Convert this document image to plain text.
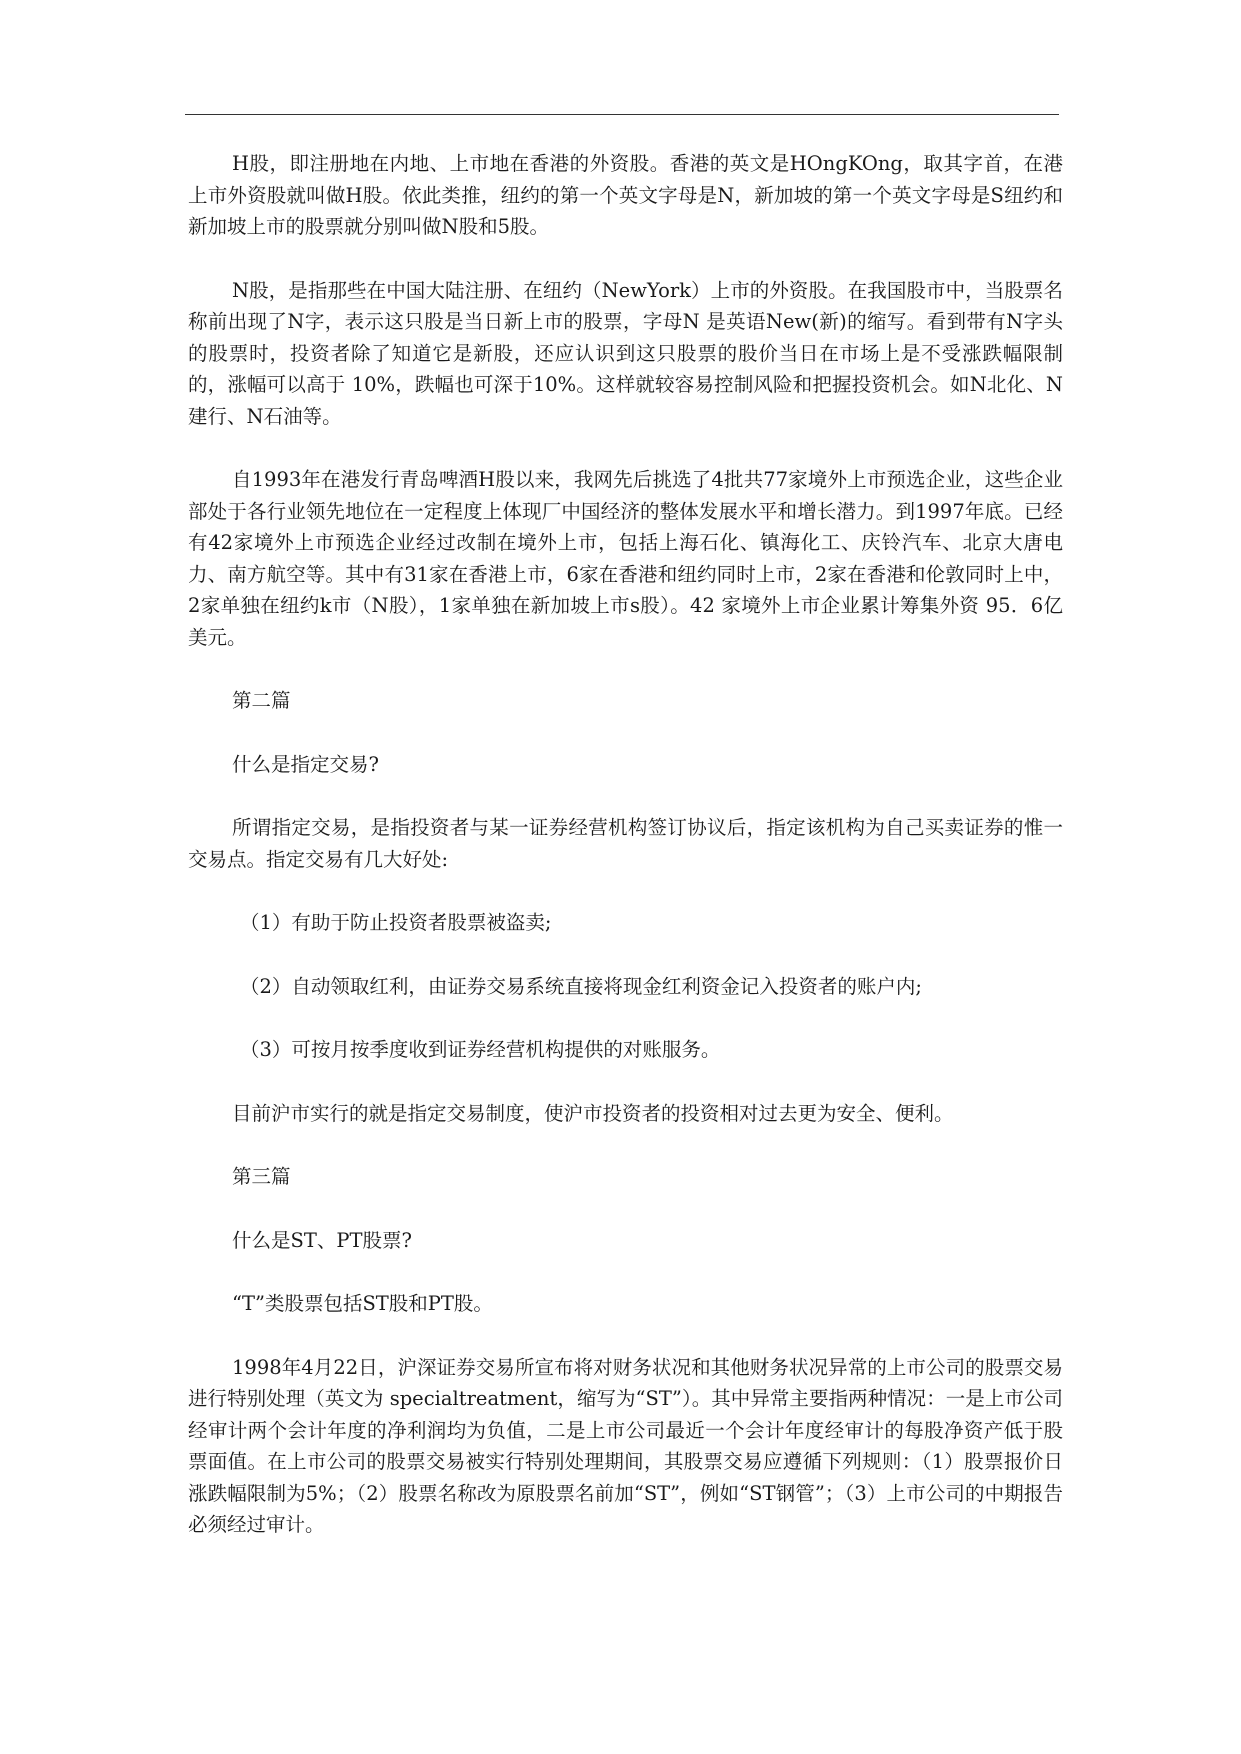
H股，即注册地在内地、上市地在香港的外资股。香港的英文是HOngKOng，取其字首，在港上市外资股就叫做H股。依此类推，纽约的第一个英文字母是N，新加坡的第一个英文字母是S纽约和新加坡上市的股票就分别叫做N股和5股。

N股，是指那些在中国大陆注册、在纽约（NewYork）上市的外资股。在我国股市中，当股票名称前出现了N字，表示这只股是当日新上市的股票，字母N 是英语New(新)的缩写。看到带有N字头的股票时，投资者除了知道它是新股，还应认识到这只股票的股价当日在市场上是不受涨跌幅限制的，涨幅可以高于 10%，跌幅也可深于10%。这样就较容易控制风险和把握投资机会。如N北化、N建行、N石油等。

自1993年在港发行青岛啤酒H股以来，我网先后挑选了4批共77家境外上市预选企业，这些企业部处于各行业领先地位在一定程度上体现厂中国经济的整体发展水平和增长潜力。到1997年底。已经有42家境外上市预选企业经过改制在境外上市，包括上海石化、镇海化工、庆铃汽车、北京大唐电力、南方航空等。其中有31家在香港上市，6家在香港和纽约同时上市，2家在香港和伦敦同时上中，2家单独在纽约k市（N股），1家单独在新加坡上市s股）。42 家境外上市企业累计筹集外资 95．6亿美元。

第二篇

什么是指定交易?

所谓指定交易，是指投资者与某一证券经营机构签订协议后，指定该机构为自己买卖证券的惟一交易点。指定交易有几大好处:

（1）有助于防止投资者股票被盗卖;

（2）自动领取红利，由证券交易系统直接将现金红利资金记入投资者的账户内;

（3）可按月按季度收到证券经营机构提供的对账服务。

目前沪市实行的就是指定交易制度，使沪市投资者的投资相对过去更为安全、便利。

第三篇

什么是ST、PT股票?

“T”类股票包括ST股和PT股。

1998年4月22日，沪深证券交易所宣布将对财务状况和其他财务状况异常的上市公司的股票交易进行特别处理（英文为 specialtreatment，缩写为“ST”）。其中异常主要指两种情况：一是上市公司经审计两个会计年度的净利润均为负值，二是上市公司最近一个会计年度经审计的每股净资产低于股票面值。在上市公司的股票交易被实行特别处理期间，其股票交易应遵循下列规则：（1）股票报价日涨跌幅限制为5%；（2）股票名称改为原股票名前加“ST”，例如“ST钢管”；（3）上市公司的中期报告必须经过审计。
